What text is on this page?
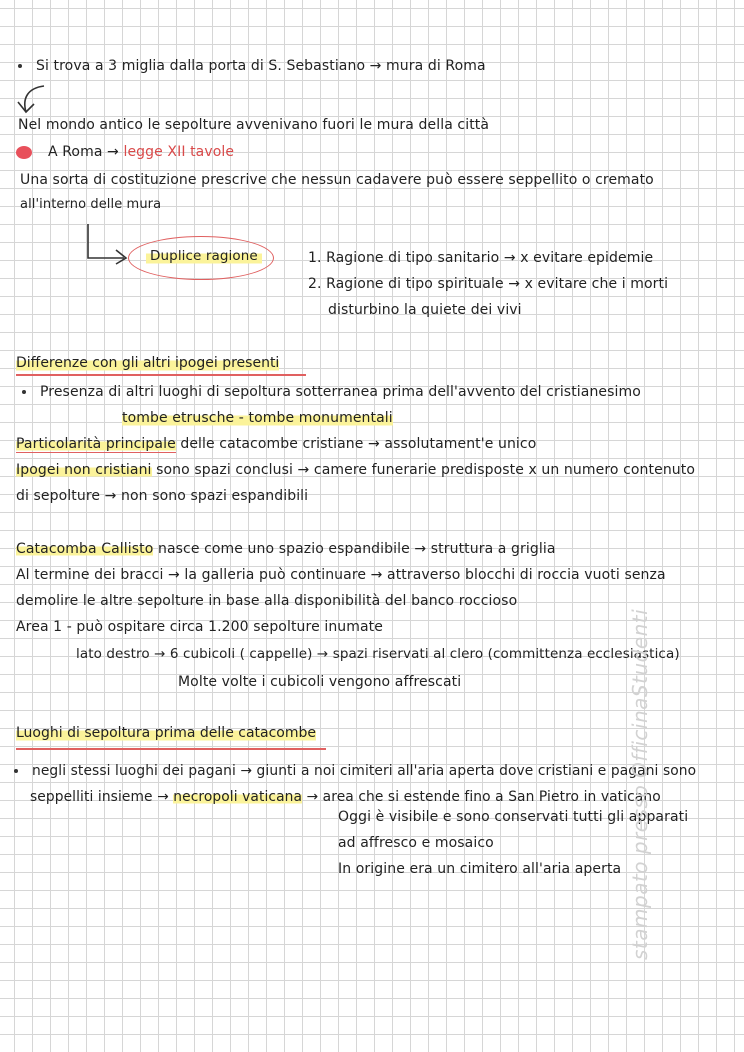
Si trova a 3 miglia dalla porta di S. Sebastiano → mura di Roma
Nel mondo antico le sepolture avvenivano fuori le mura della città
A Roma → legge XII tavole
Una sorta di costituzione prescrive che nessun cadavere può essere seppellito o cremato
all'interno delle mura
Duplice ragione	1. Ragione di tipo sanitario → x evitare epidemie
2. Ragione di tipo spirituale → x evitare che i morti
disturbino la quiete dei vivi
Differenze con gli altri ipogei presenti
Presenza di altri luoghi di sepoltura sotterranea prima dell'avvento del cristianesimo
tombe etrusche - tombe monumentali
Particolarità principale delle catacombe cristiane → assolutament'e unico
Ipogei non cristiani sono spazi conclusi → camere funerarie predisposte x un numero contenuto
di sepolture → non sono spazi espandibili
Catacomba Callisto nasce come uno spazio espandibile → struttura a griglia
Al termine dei bracci → la galleria può continuare → attraverso blocchi di roccia vuoti senza
demolire le altre sepolture in base alla disponibilità del banco roccioso
Area 1 - può ospitare circa 1.200 sepolture inumate
lato destro → 6 cubicoli ( cappelle) → spazi riservati al clero (committenza ecclesiastica)
Molte volte i cubicoli vengono affrescati
Luoghi di sepoltura prima delle catacombe
negli stessi luoghi dei pagani → giunti a noi cimiteri all'aria aperta dove cristiani e pagani sono
seppelliti insieme → necropoli vaticana → area che si estende fino a San Pietro in vaticano
Oggi è visibile e sono conservati tutti gli apparati
ad affresco e mosaico
In origine era un cimitero all'aria aperta stampato presso OfficinaStudenti
